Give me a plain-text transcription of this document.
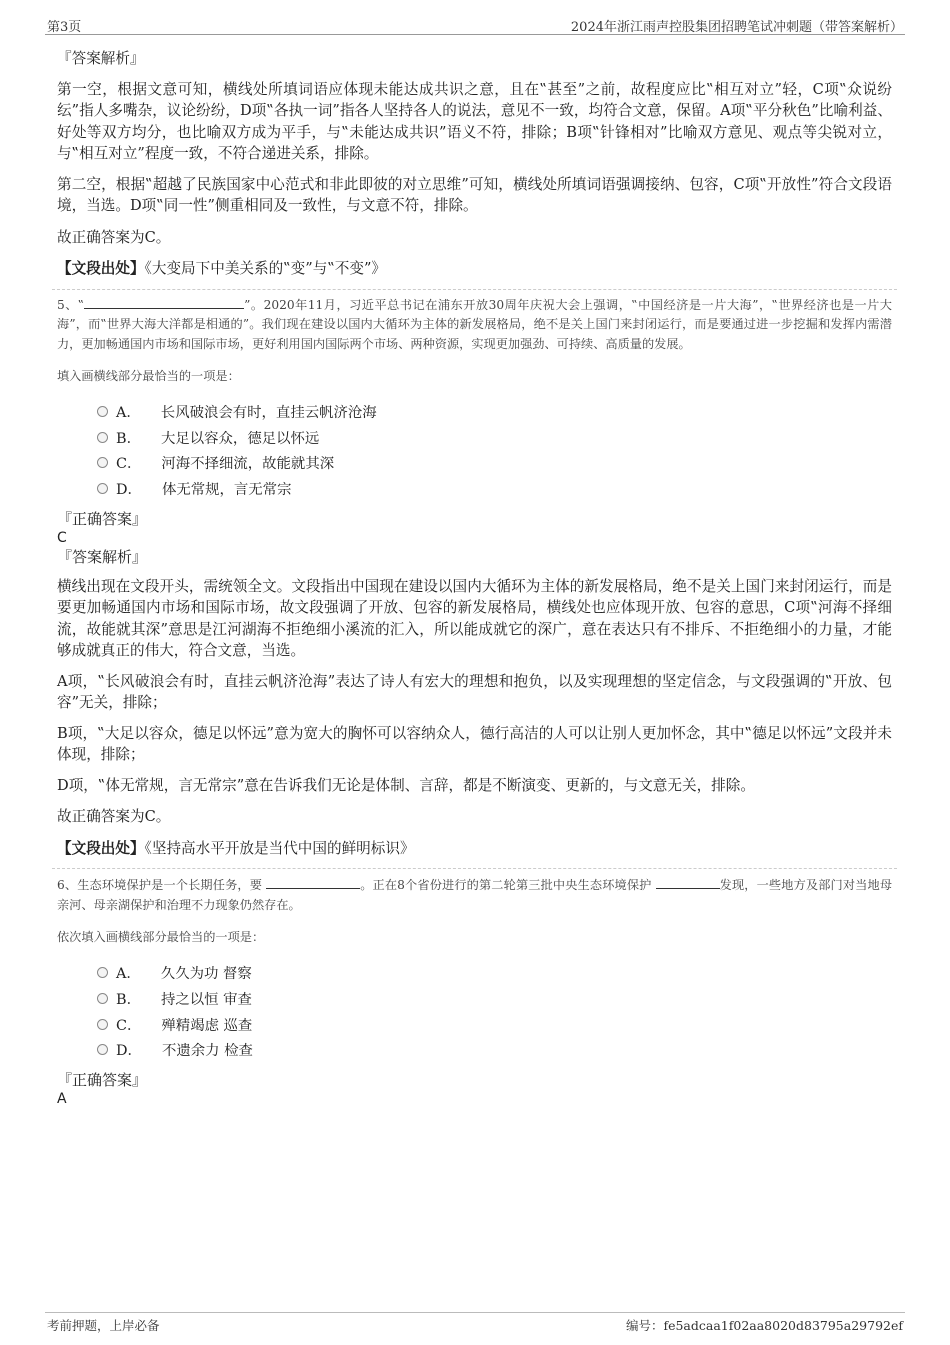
第3页	2024年浙江雨声控股集团招聘笔试冲刺题（带答案解析）

『答案解析』

第一空，根据文意可知，横线处所填词语应体现未能达成共识之意，且在‟甚至”之前，故程度应比‟相互对立”轻，C项‟众说纷纭”指人多嘴杂，议论纷纷，D项‟各执一词”指各人坚持各人的说法，意见不一致，均符合文意，保留。A项‟平分秋色”比喻利益、好处等双方均分，也比喻双方成为平手，与‟未能达成共识”语义不符，排除；B项‟针锋相对”比喻双方意见、观点等尖锐对立，与‟相互对立”程度一致，不符合递进关系，排除。

第二空，根据‟超越了民族国家中心范式和非此即彼的对立思维”可知，横线处所填词语强调接纳、包容，C项‟开放性”符合文段语境，当选。D项‟同一性”侧重相同及一致性，与文意不符，排除。

故正确答案为C。

【文段出处】《大变局下中美关系的‟变”与‟不变”》

5、‟	”。2020年11月，习近平总书记在浦东开放30周年庆祝大会上强调，‟中国经济是一片大海”，‟世界经济也是一片大海”，而‟世界大海大洋都是相通的”。我们现在建设以国内大循环为主体的新发展格局，绝不是关上国门来封闭运行，而是要通过进一步挖掘和发挥内需潜力，更加畅通国内市场和国际市场，更好利用国内国际两个市场、两种资源，实现更加强劲、可持续、高质量的发展。

填入画横线部分最恰当的一项是：

A． 长风破浪会有时，直挂云帆济沧海
B． 大足以容众，德足以怀远
C． 河海不择细流，故能就其深
D． 体无常规，言无常宗

『正确答案』

C

『答案解析』

横线出现在文段开头，需统领全文。文段指出中国现在建设以国内大循环为主体的新发展格局，绝不是关上国门来封闭运行，而是要更加畅通国内市场和国际市场，故文段强调了开放、包容的新发展格局，横线处也应体现开放、包容的意思，C项‟河海不择细流，故能就其深”意思是江河湖海不拒绝细小溪流的汇入，所以能成就它的深广，意在表达只有不排斥、不拒绝细小的力量，才能够成就真正的伟大，符合文意，当选。

A项，‟长风破浪会有时，直挂云帆济沧海”表达了诗人有宏大的理想和抱负，以及实现理想的坚定信念，与文段强调的‟开放、包容”无关，排除；

B项，‟大足以容众，德足以怀远”意为宽大的胸怀可以容纳众人，德行高洁的人可以让别人更加怀念，其中‟德足以怀远”文段并未体现，排除；

D项，‟体无常规，言无常宗”意在告诉我们无论是体制、言辞，都是不断演变、更新的，与文意无关，排除。

故正确答案为C。

【文段出处】《坚持高水平开放是当代中国的鲜明标识》

6、生态环境保护是一个长期任务，要	。正在8个省份进行的第二轮第三批中央生态环境保护	发现，一些地方及部门对当地母亲河、母亲湖保护和治理不力现象仍然存在。

依次填入画横线部分最恰当的一项是：

A． 久久为功 督察
B． 持之以恒 审查
C． 殚精竭虑 巡查
D． 不遗余力 检查

『正确答案』

A

考前押题，上岸必备	编号：fe5adcaa1f02aa8020d83795a29792ef
